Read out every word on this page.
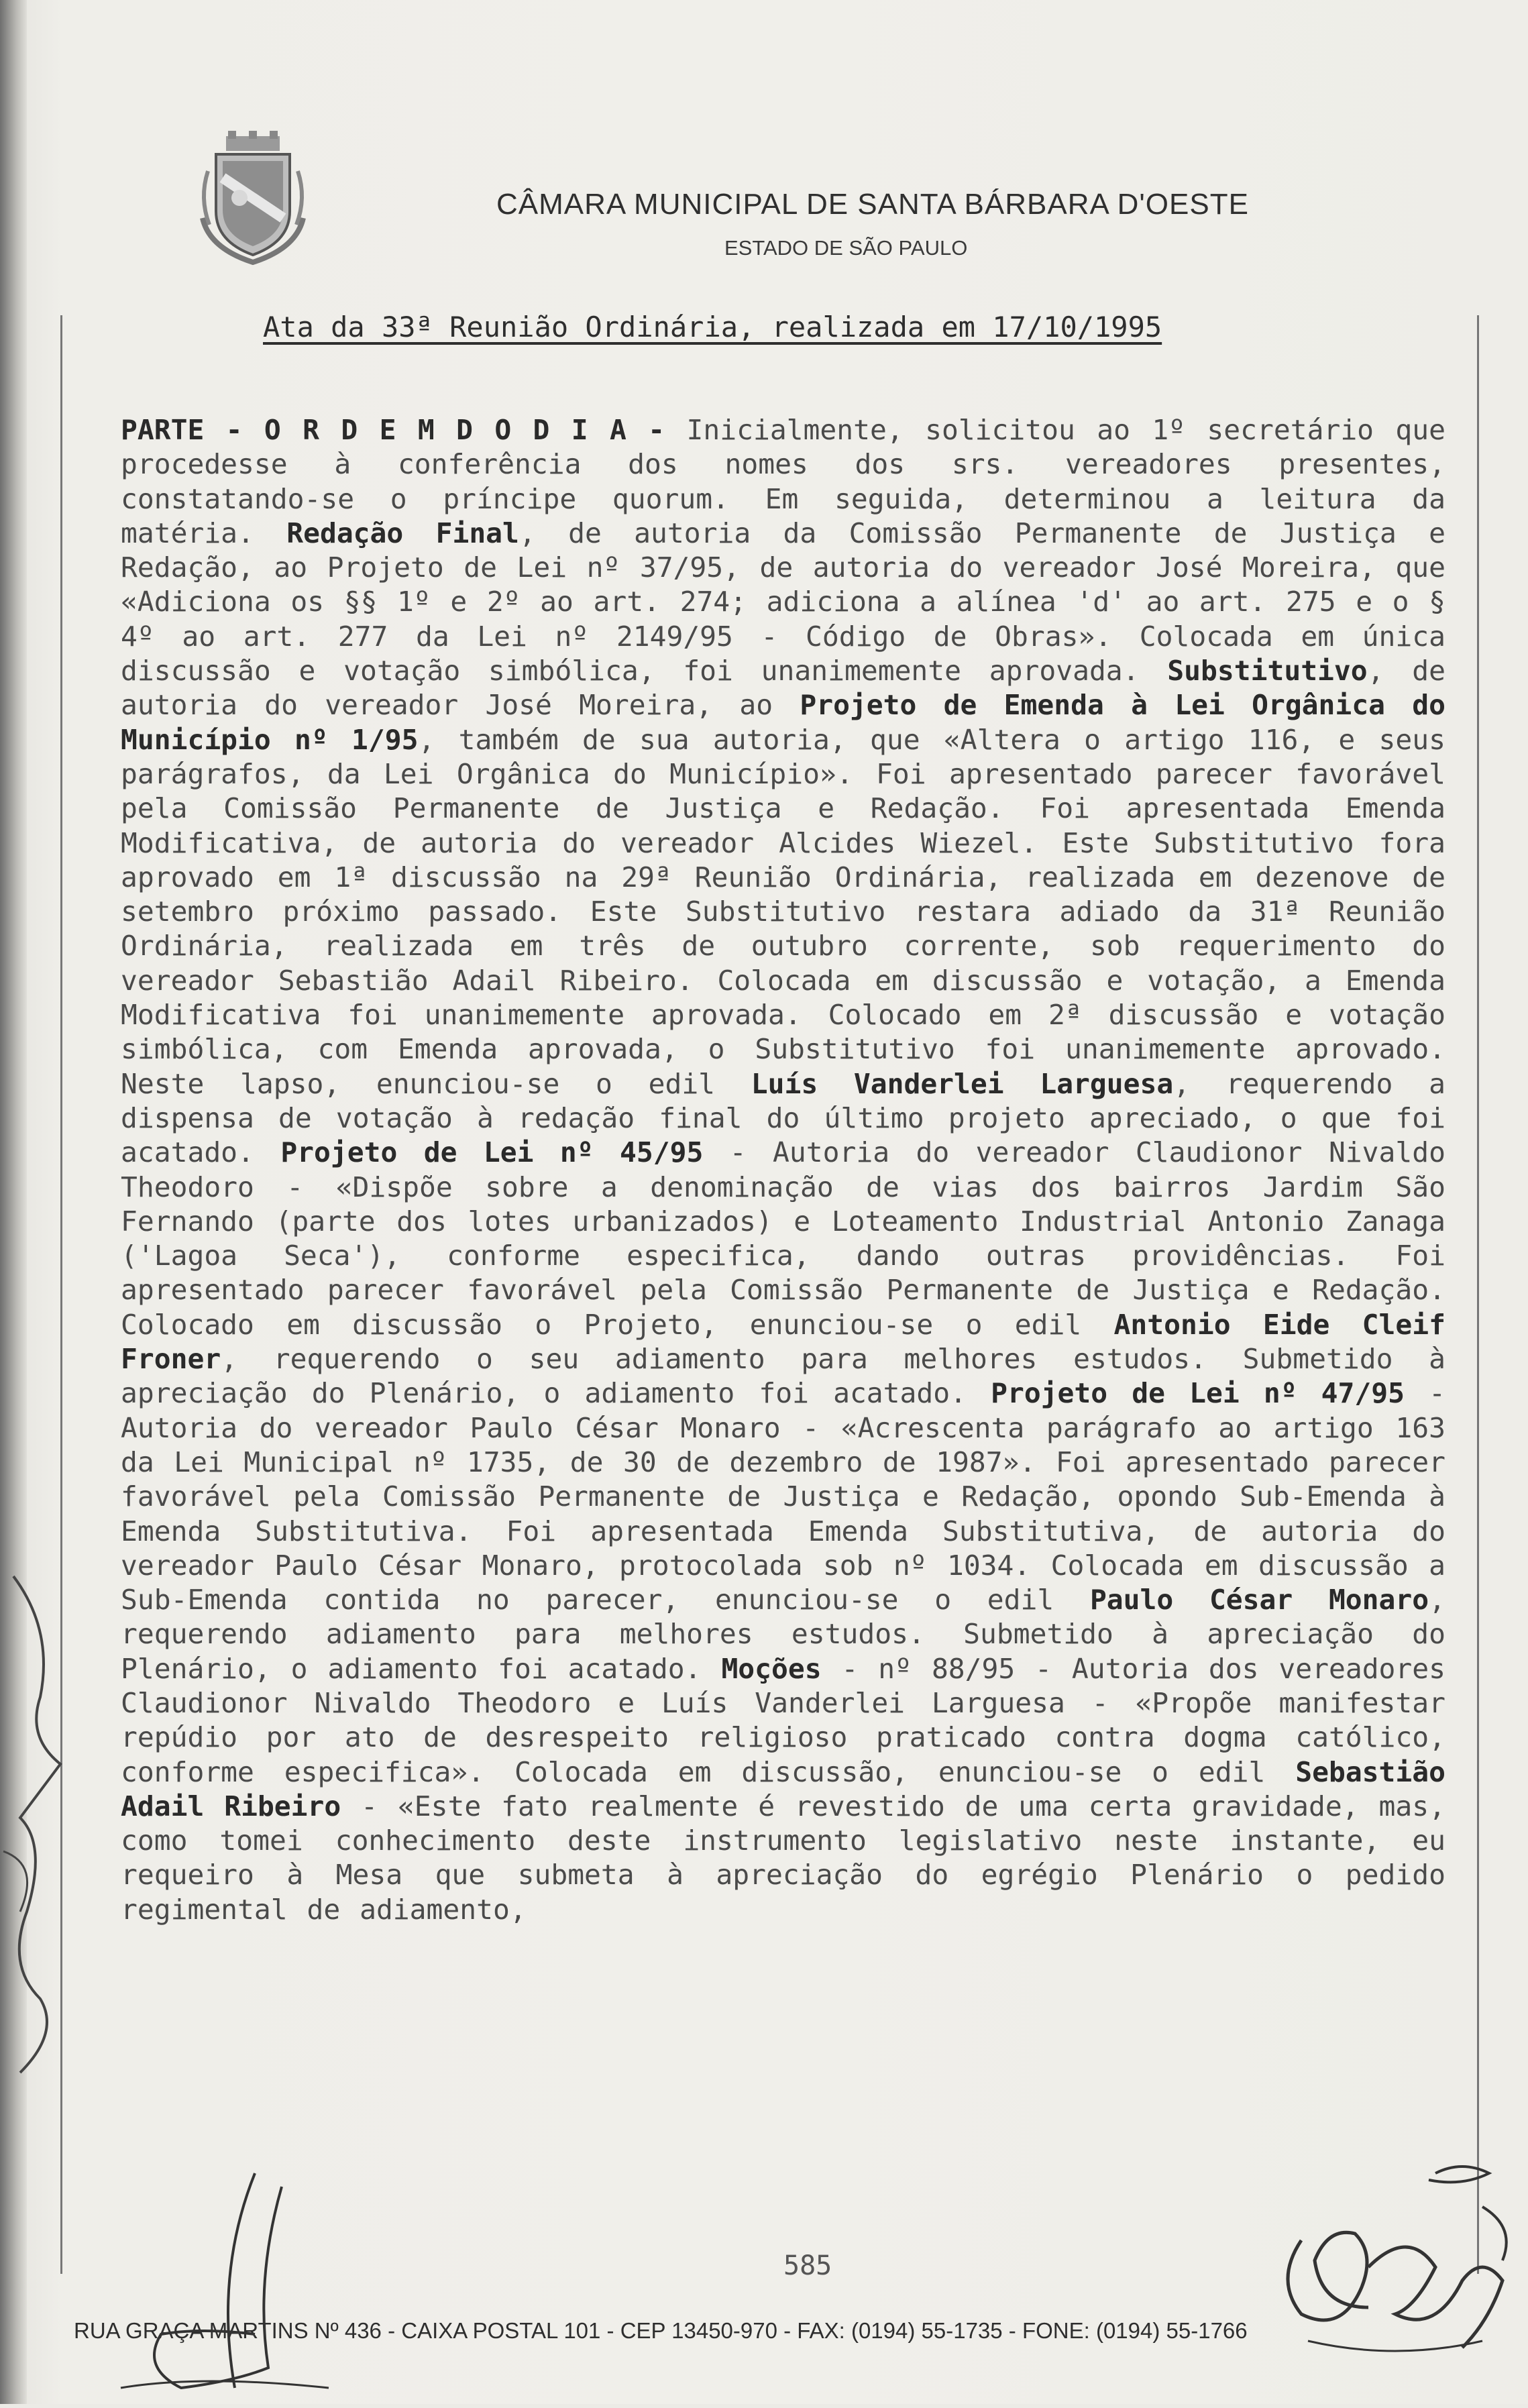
CÂMARA MUNICIPAL DE SANTA BÁRBARA D'OESTE
ESTADO DE SÃO PAULO
Ata da 33ª Reunião Ordinária, realizada em 17/10/1995
PARTE - O R D E M D O D I A - Inicialmente, solicitou ao 1º secretário que procedesse à conferência dos nomes dos srs. vereadores presentes, constatando-se o príncipe quorum. Em seguida, determinou a leitura da matéria. Redação Final, de autoria da Comissão Permanente de Justiça e Redação, ao Projeto de Lei nº 37/95, de autoria do vereador José Moreira, que «Adiciona os §§ 1º e 2º ao art. 274; adiciona a alínea 'd' ao art. 275 e o § 4º ao art. 277 da Lei nº 2149/95 - Código de Obras». Colocada em única discussão e votação simbólica, foi unanimemente aprovada. Substitutivo, de autoria do vereador José Moreira, ao Projeto de Emenda à Lei Orgânica do Município nº 1/95, também de sua autoria, que «Altera o artigo 116, e seus parágrafos, da Lei Orgânica do Município». Foi apresentado parecer favorável pela Comissão Permanente de Justiça e Redação. Foi apresentada Emenda Modificativa, de autoria do vereador Alcides Wiezel. Este Substitutivo fora aprovado em 1ª discussão na 29ª Reunião Ordinária, realizada em dezenove de setembro próximo passado. Este Substitutivo restara adiado da 31ª Reunião Ordinária, realizada em três de outubro corrente, sob requerimento do vereador Sebastião Adail Ribeiro. Colocada em discussão e votação, a Emenda Modificativa foi unanimemente aprovada. Colocado em 2ª discussão e votação simbólica, com Emenda aprovada, o Substitutivo foi unanimemente aprovado. Neste lapso, enunciou-se o edil Luís Vanderlei Larguesa, requerendo a dispensa de votação à redação final do último projeto apreciado, o que foi acatado. Projeto de Lei nº 45/95 - Autoria do vereador Claudionor Nivaldo Theodoro - «Dispõe sobre a denominação de vias dos bairros Jardim São Fernando (parte dos lotes urbanizados) e Loteamento Industrial Antonio Zanaga ('Lagoa Seca'), conforme especifica, dando outras providências. Foi apresentado parecer favorável pela Comissão Permanente de Justiça e Redação. Colocado em discussão o Projeto, enunciou-se o edil Antonio Eide Cleif Froner, requerendo o seu adiamento para melhores estudos. Submetido à apreciação do Plenário, o adiamento foi acatado. Projeto de Lei nº 47/95 - Autoria do vereador Paulo César Monaro - «Acrescenta parágrafo ao artigo 163 da Lei Municipal nº 1735, de 30 de dezembro de 1987». Foi apresentado parecer favorável pela Comissão Permanente de Justiça e Redação, opondo Sub-Emenda à Emenda Substitutiva. Foi apresentada Emenda Substitutiva, de autoria do vereador Paulo César Monaro, protocolada sob nº 1034. Colocada em discussão a Sub-Emenda contida no parecer, enunciou-se o edil Paulo César Monaro, requerendo adiamento para melhores estudos. Submetido à apreciação do Plenário, o adiamento foi acatado. Moções - nº 88/95 - Autoria dos vereadores Claudionor Nivaldo Theodoro e Luís Vanderlei Larguesa - «Propõe manifestar repúdio por ato de desrespeito religioso praticado contra dogma católico, conforme especifica». Colocada em discussão, enunciou-se o edil Sebastião Adail Ribeiro - «Este fato realmente é revestido de uma certa gravidade, mas, como tomei conhecimento deste instrumento legislativo neste instante, eu requeiro à Mesa que submeta à apreciação do egrégio Plenário o pedido regimental de adiamento,
585
RUA GRAÇA MARTINS Nº 436 - CAIXA POSTAL 101 - CEP 13450-970 - FAX: (0194) 55-1735 - FONE: (0194) 55-1766
